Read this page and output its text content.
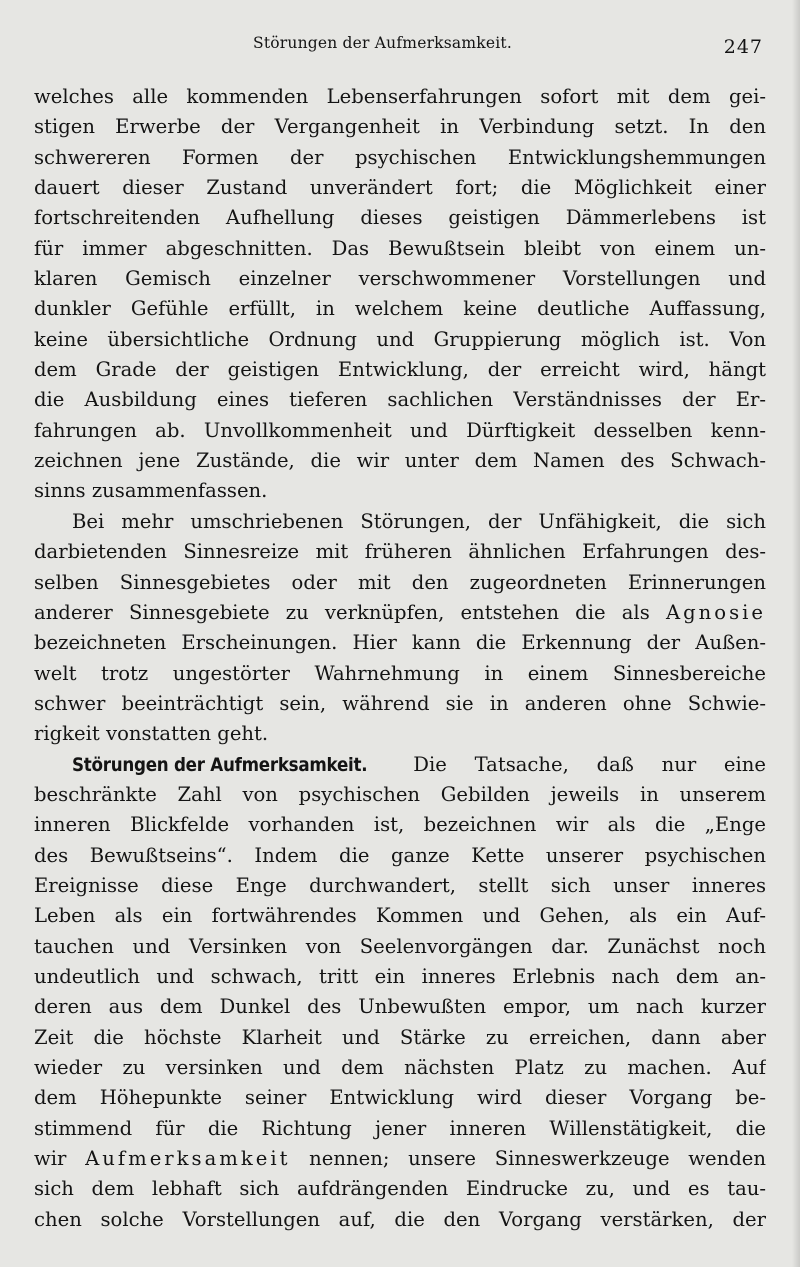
Störungen der Aufmerksamkeit.	247
welches alle kommenden Lebenserfahrungen sofort mit dem gei-
stigen Erwerbe der Vergangenheit in Verbindung setzt. In den
schwereren Formen der psychischen Entwicklungshemmungen
dauert dieser Zustand unverändert fort; die Möglichkeit einer
fortschreitenden Aufhellung dieses geistigen Dämmerlebens ist
für immer abgeschnitten. Das Bewußtsein bleibt von einem un-
klaren Gemisch einzelner verschwommener Vorstellungen und
dunkler Gefühle erfüllt, in welchem keine deutliche Auffassung,
keine übersichtliche Ordnung und Gruppierung möglich ist. Von
dem Grade der geistigen Entwicklung, der erreicht wird, hängt
die Ausbildung eines tieferen sachlichen Verständnisses der Er-
fahrungen ab. Unvollkommenheit und Dürftigkeit desselben kenn-
zeichnen jene Zustände, die wir unter dem Namen des Schwach-
sinns zusammenfassen.
Bei mehr umschriebenen Störungen, der Unfähigkeit, die sich
darbietenden Sinnesreize mit früheren ähnlichen Erfahrungen des-
selben Sinnesgebietes oder mit den zugeordneten Erinnerungen
anderer Sinnesgebiete zu verknüpfen, entstehen die als Agnosie
bezeichneten Erscheinungen. Hier kann die Erkennung der Außen-
welt trotz ungestörter Wahrnehmung in einem Sinnesbereiche
schwer beeinträchtigt sein, während sie in anderen ohne Schwie-
rigkeit vonstatten geht.
Störungen der Aufmerksamkeit. Die Tatsache, daß nur eine
beschränkte Zahl von psychischen Gebilden jeweils in unserem
inneren Blickfelde vorhanden ist, bezeichnen wir als die „Enge
des Bewußtseins“. Indem die ganze Kette unserer psychischen
Ereignisse diese Enge durchwandert, stellt sich unser inneres
Leben als ein fortwährendes Kommen und Gehen, als ein Auf-
tauchen und Versinken von Seelenvorgängen dar. Zunächst noch
undeutlich und schwach, tritt ein inneres Erlebnis nach dem an-
deren aus dem Dunkel des Unbewußten empor, um nach kurzer
Zeit die höchste Klarheit und Stärke zu erreichen, dann aber
wieder zu versinken und dem nächsten Platz zu machen. Auf
dem Höhepunkte seiner Entwicklung wird dieser Vorgang be-
stimmend für die Richtung jener inneren Willenstätigkeit, die
wir Aufmerksamkeit nennen; unsere Sinneswerkzeuge wenden
sich dem lebhaft sich aufdrängenden Eindrucke zu, und es tau-
chen solche Vorstellungen auf, die den Vorgang verstärken, der
